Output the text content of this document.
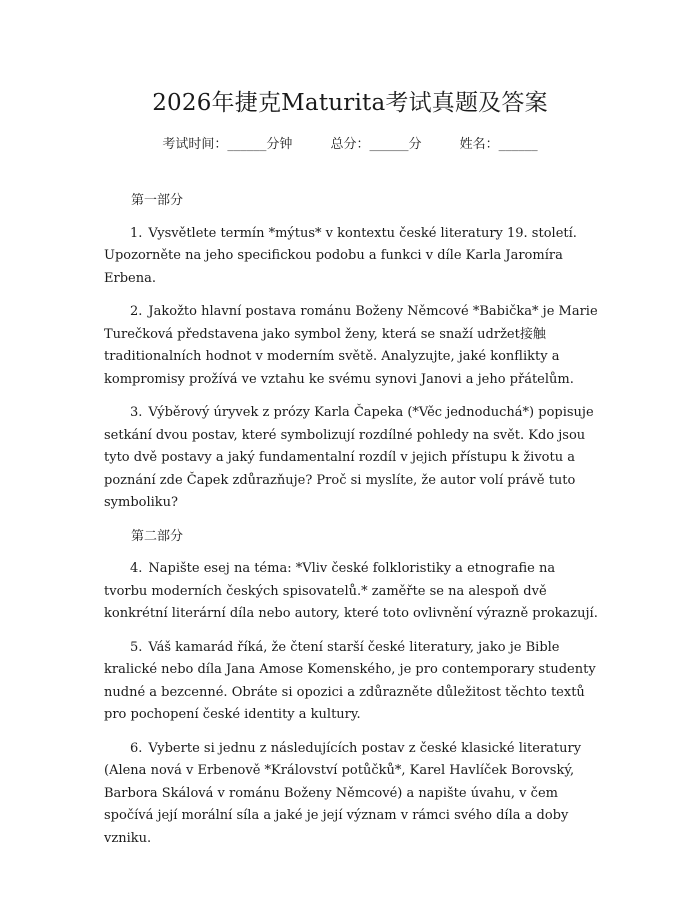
2026年捷克Maturita考试真题及答案
考试时间：______分钟	总分：______分	姓名：______
第一部分

1. Vysvětlete termín *mýtus* v kontextu české literatury 19. století. Upozorněte na jeho specifickou podobu a funkci v díle Karla Jaromíra Erbena.

2. Jakožto hlavní postava románu Boženy Němcové *Babička* je Marie Turečková představena jako symbol ženy, která se snaží udržet接触 traditionalních hodnot v moderním světě. Analyzujte, jaké konflikty a kompromisy prožívá ve vztahu ke svému synovi Janovi a jeho přátelům.

3. Výběrový úryvek z prózy Karla Čapeka (*Věc jednoduchá*) popisuje setkání dvou postav, které symbolizují rozdílné pohledy na svět. Kdo jsou tyto dvě postavy a jaký fundamentalní rozdíl v jejich přístupu k životu a poznání zde Čapek zdůrazňuje? Proč si myslíte, že autor volí právě tuto symboliku?

第二部分

4. Napište esej na téma: *Vliv české folkloristiky a etnografie na tvorbu moderních českých spisovatelů.* zaměřte se na alespoň dvě konkrétní literární díla nebo autory, které toto ovlivnění výrazně prokazují.

5. Váš kamarád říká, že čtení starší české literatury, jako je Bible kralické nebo díla Jana Amose Komenského, je pro contemporary studenty nudné a bezcenné. Obráte si opozici a zdůrazněte důležitost těchto textů pro pochopení české identity a kultury.

6. Vyberte si jednu z následujících postav z české klasické literatury (Alena nová v Erbenově *Království potůčků*, Karel Havlíček Borovský, Barbora Skálová v románu Boženy Němcové) a napište úvahu, v čem spočívá její morální síla a jaké je její význam v rámci svého díla a doby vzniku.
